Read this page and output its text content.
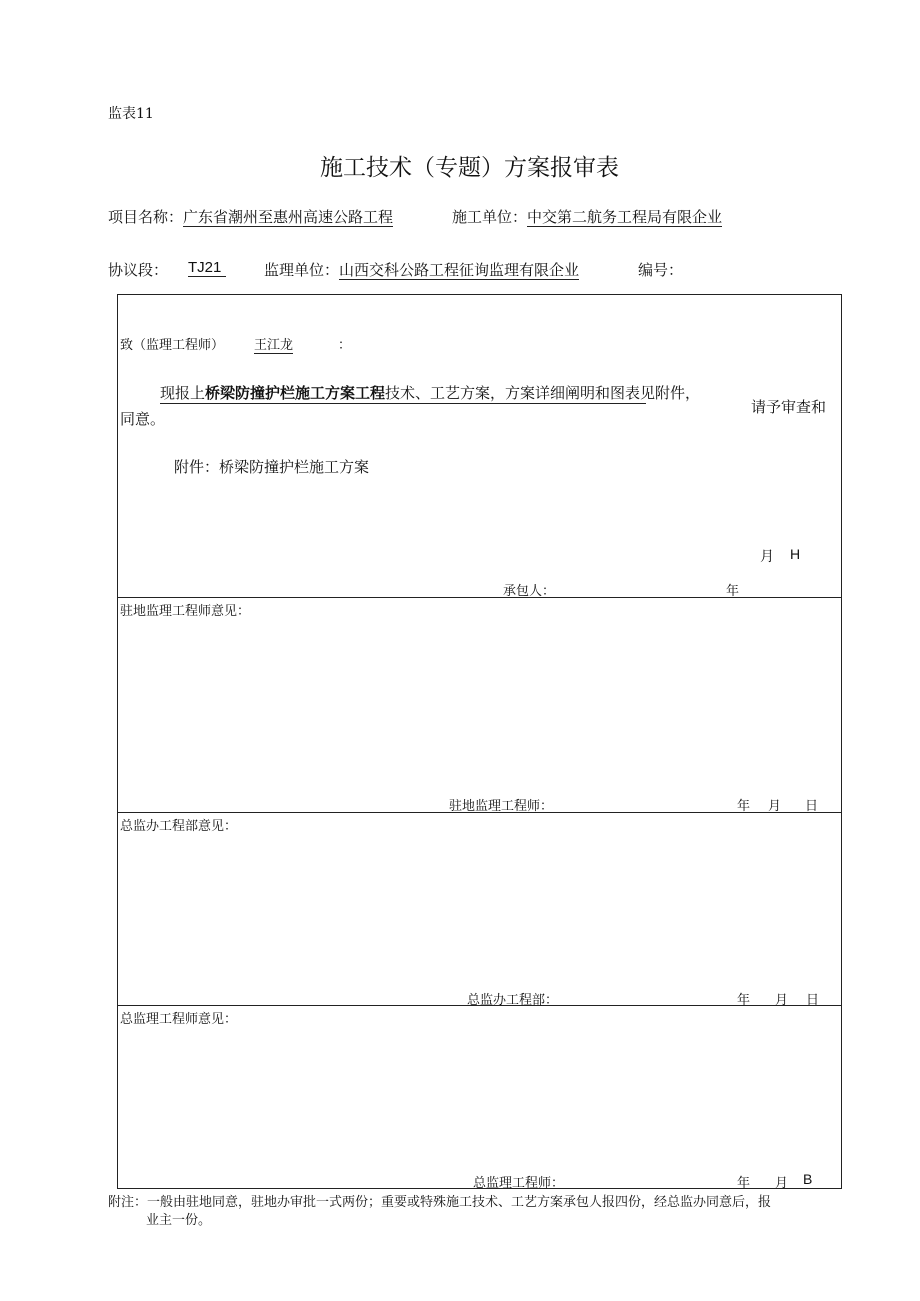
监表11
施工技术（专题）方案报审表
项目名称：广东省潮州至惠州高速公路工程	施工单位：中交第二航务工程局有限企业
协议段： TJ21	监理单位：山西交科公路工程征询监理有限企业	编号：
致（监理工程师） 王江龙	：
现报上桥梁防撞护栏施工方案工程技术、工艺方案，方案详细阐明和图表见附件，
请予审查和
同意。
附件：桥梁防撞护栏施工方案
月 H
承包人：	年
驻地监理工程师意见：
驻地监理工程师：	年 月 日
总监办工程部意见：
总监办工程部：	年 月 日
总监理工程师意见：
总监理工程师：	年 月 B
附注：一般由驻地同意，驻地办审批一式两份；重要或特殊施工技术、工艺方案承包人报四份，经总监办同意后，报
业主一份。
